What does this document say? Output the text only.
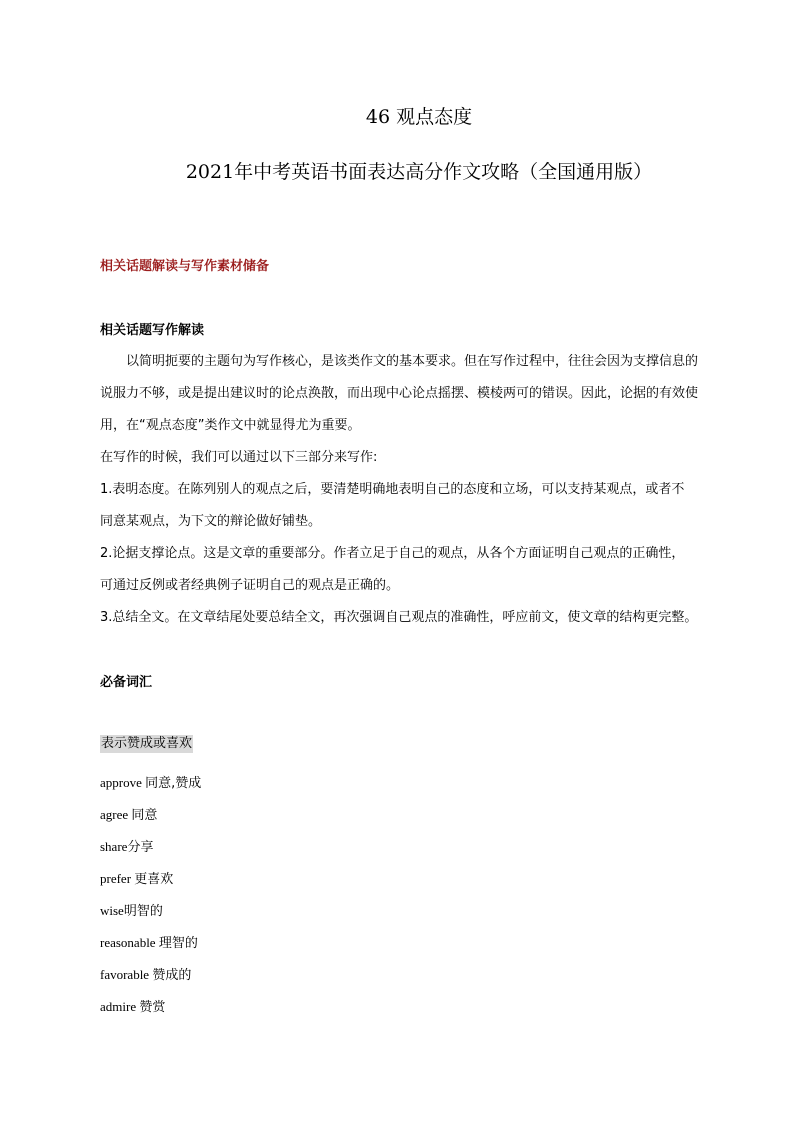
46 观点态度
2021年中考英语书面表达高分作文攻略（全国通用版）
相关话题解读与写作素材储备
相关话题写作解读

以简明扼要的主题句为写作核心，是该类作文的基本要求。但在写作过程中，往往会因为支撑信息的
说服力不够，或是提出建议时的论点涣散，而出现中心论点摇摆、模棱两可的错误。因此，论据的有效使
用，在“观点态度”类作文中就显得尤为重要。

在写作的时候，我们可以通过以下三部分来写作:

1.表明态度。在陈列别人的观点之后，要清楚明确地表明自己的态度和立场，可以支持某观点，或者不
同意某观点，为下文的辩论做好铺垫。

2.论据支撑论点。这是文章的重要部分。作者立足于自己的观点，从各个方面证明自己观点的正确性，
可通过反例或者经典例子证明自己的观点是正确的。

3.总结全文。在文章结尾处要总结全文，再次强调自己观点的准确性，呼应前文，使文章的结构更完整。

必备词汇
表示赞成或喜欢
approve 同意,赞成
agree 同意
share分享
prefer 更喜欢
wise明智的
reasonable 理智的
favorable 赞成的
admire 赞赏
